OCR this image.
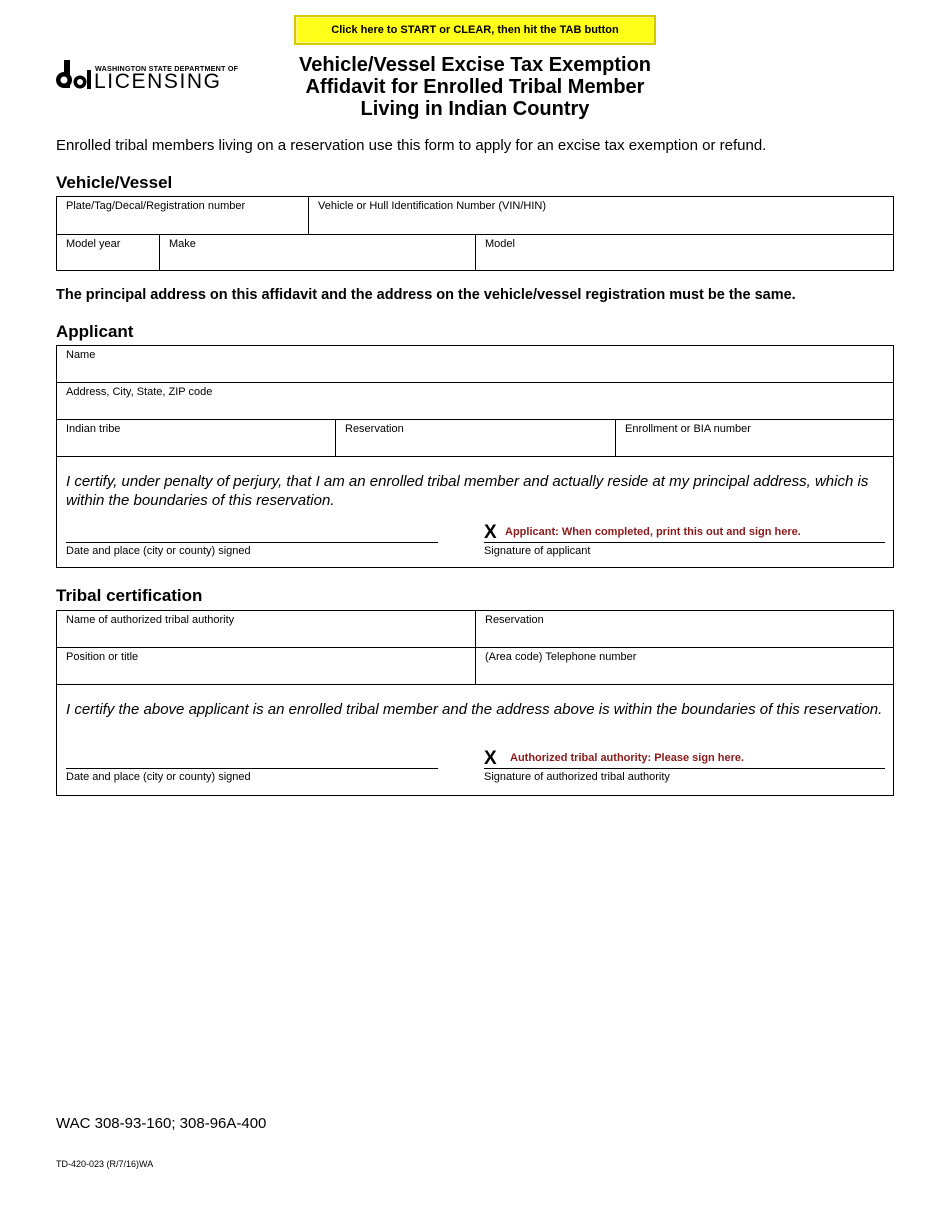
Click here to START or CLEAR, then hit the TAB button
WASHINGTON STATE DEPARTMENT OF
LICENSING
Vehicle/Vessel Excise Tax Exemption
Affidavit for Enrolled Tribal Member
Living in Indian Country
Enrolled tribal members living on a reservation use this form to apply for an excise tax exemption or refund.
Vehicle/Vessel
Plate/Tag/Decal/Registration number	Vehicle or Hull Identification Number (VIN/HIN)
Model year	Make	Model
The principal address on this affidavit and the address on the vehicle/vessel registration must be the same.
Applicant
Name
Address, City, State, ZIP code
Indian tribe	Reservation	Enrollment or BIA number
I certify, under penalty of perjury, that I am an enrolled tribal member and actually reside at my principal address, which is within the boundaries of this reservation.
X Applicant: When completed, print this out and sign here.
Date and place (city or county) signed	Signature of applicant
Tribal certification
Name of authorized tribal authority	Reservation
Position or title	(Area code) Telephone number
I certify the above applicant is an enrolled tribal member and the address above is within the boundaries of this reservation.
X Authorized tribal authority: Please sign here.
Date and place (city or county) signed	Signature of authorized tribal authority
WAC 308-93-160; 308-96A-400
TD-420-023 (R/7/16)WA
